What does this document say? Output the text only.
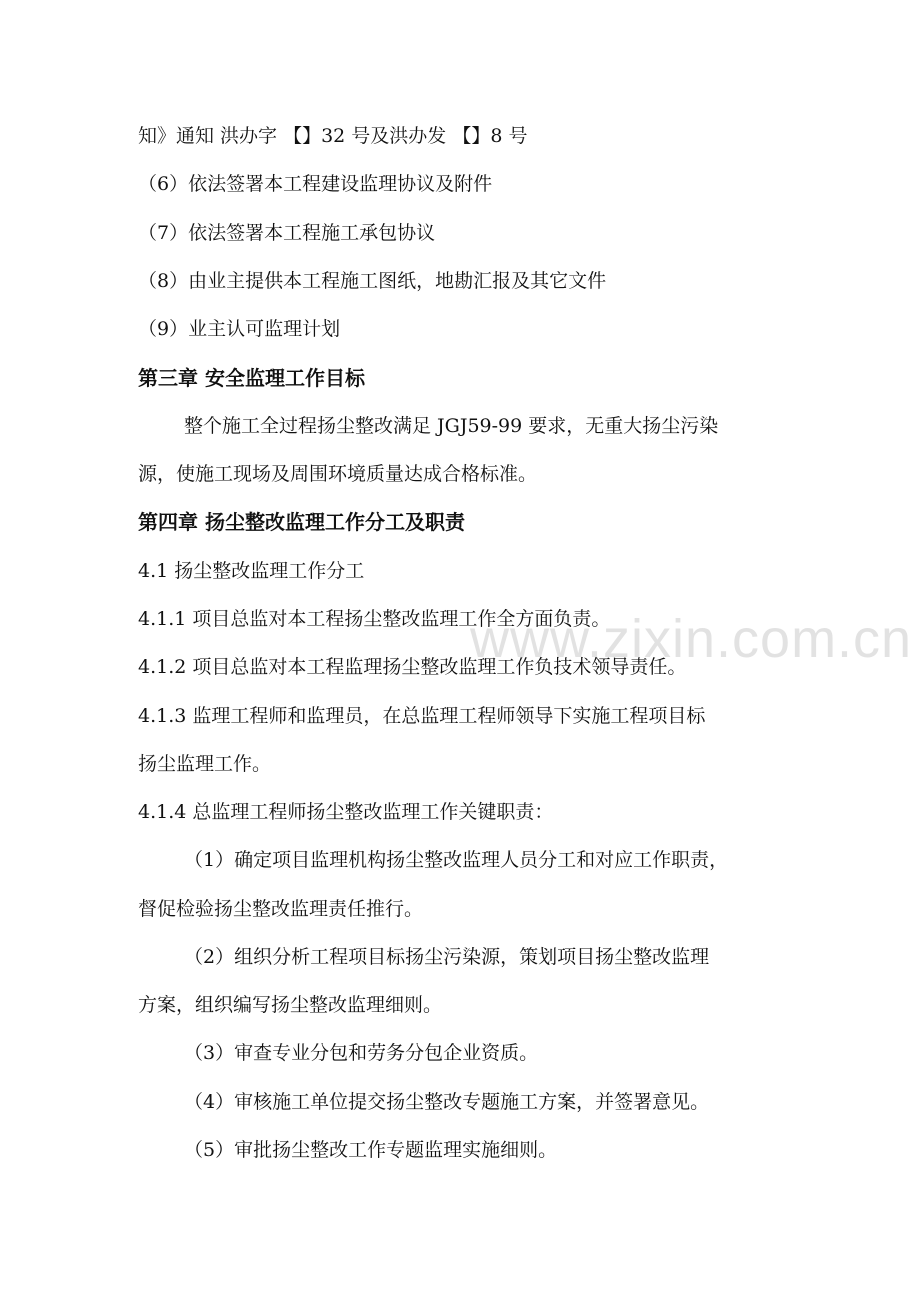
www.zixin.com.cn
知》通知 洪办字 【】32 号及洪办发 【】8 号
（6）依法签署本工程建设监理协议及附件
（7）依法签署本工程施工承包协议
（8）由业主提供本工程施工图纸，地勘汇报及其它文件
（9）业主认可监理计划
第三章 安全监理工作目标
整个施工全过程扬尘整改满足 JGJ59-99 要求，无重大扬尘污染
源，使施工现场及周围环境质量达成合格标准。
第四章 扬尘整改监理工作分工及职责
4.1 扬尘整改监理工作分工
4.1.1 项目总监对本工程扬尘整改监理工作全方面负责。
4.1.2 项目总监对本工程监理扬尘整改监理工作负技术领导责任。
4.1.3 监理工程师和监理员，在总监理工程师领导下实施工程项目标
扬尘监理工作。
4.1.4 总监理工程师扬尘整改监理工作关键职责：
（1）确定项目监理机构扬尘整改监理人员分工和对应工作职责，
督促检验扬尘整改监理责任推行。
（2）组织分析工程项目标扬尘污染源，策划项目扬尘整改监理
方案，组织编写扬尘整改监理细则。
（3）审查专业分包和劳务分包企业资质。
（4）审核施工单位提交扬尘整改专题施工方案，并签署意见。
（5）审批扬尘整改工作专题监理实施细则。
